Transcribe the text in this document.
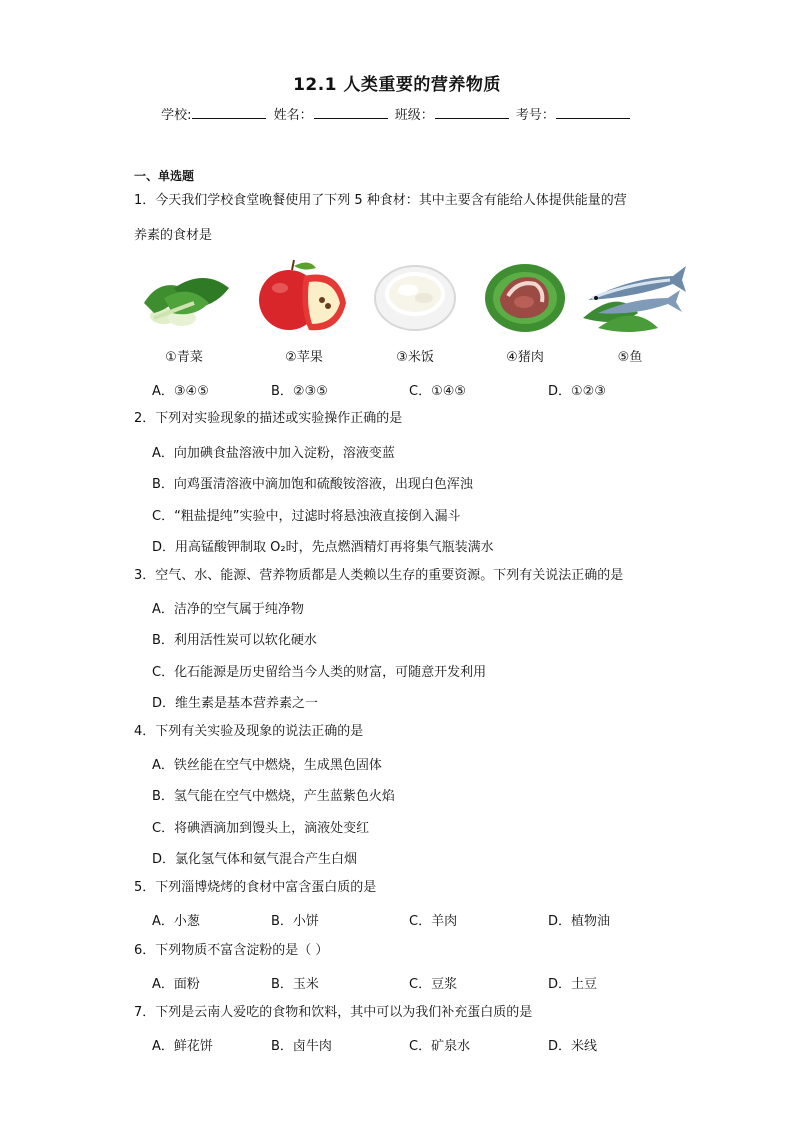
12.1 人类重要的营养物质
学校:	姓名：	班级：	考号：
一、单选题
1．今天我们学校食堂晚餐使用了下列 5 种食材：其中主要含有能给人体提供能量的营
养素的食材是
①青菜	②苹果	③米饭	④猪肉	⑤鱼
A．③④⑤	B．②③⑤	C．①④⑤	D．①②③
2．下列对实验现象的描述或实验操作正确的是
A．向加碘食盐溶液中加入淀粉，溶液变蓝
B．向鸡蛋清溶液中滴加饱和硫酸铵溶液，出现白色浑浊
C．“粗盐提纯”实验中，过滤时将悬浊液直接倒入漏斗
D．用高锰酸钾制取 O₂时，先点燃酒精灯再将集气瓶装满水
3．空气、水、能源、营养物质都是人类赖以生存的重要资源。下列有关说法正确的是
A．洁净的空气属于纯净物
B．利用活性炭可以软化硬水
C．化石能源是历史留给当今人类的财富，可随意开发利用
D．维生素是基本营养素之一
4．下列有关实验及现象的说法正确的是
A．铁丝能在空气中燃烧，生成黑色固体
B．氢气能在空气中燃烧，产生蓝紫色火焰
C．将碘酒滴加到馒头上，滴液处变红
D．氯化氢气体和氨气混合产生白烟
5．下列淄博烧烤的食材中富含蛋白质的是
A．小葱	B．小饼	C．羊肉	D．植物油
6．下列物质不富含淀粉的是（ ）
A．面粉	B．玉米	C．豆浆	D．土豆
7．下列是云南人爱吃的食物和饮料，其中可以为我们补充蛋白质的是
A．鲜花饼	B．卤牛肉	C．矿泉水	D．米线
